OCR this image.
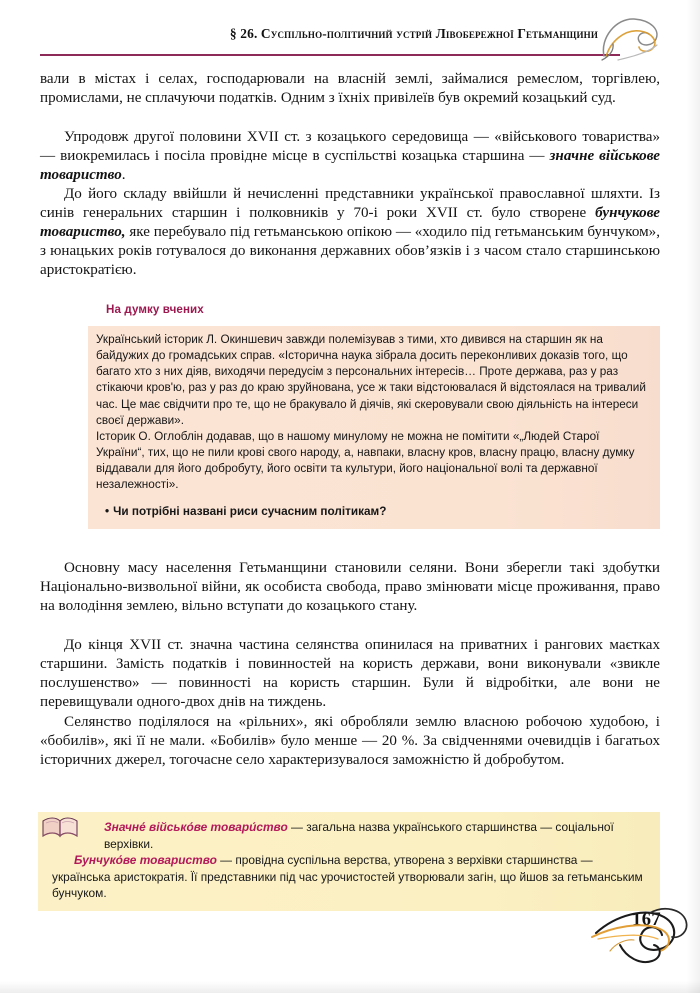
§ 26. Суспільно-політичний устрій Лівобережної Гетьманщини

вали в містах і селах, господарювали на власній землі, займалися ремеслом, торгівлею, промислами, не сплачуючи податків. Одним з їхніх привілеїв був окремий козацький суд.

Упродовж другої половини XVII ст. з козацького середовища — «військового товариства» — виокремилась і посіла провідне місце в суспільстві козацька старшина — значне військове товариство.

До його складу ввійшли й нечисленні представники української православної шляхти. Із синів генеральних старшин і полковників у 70-і роки XVII ст. було створене бунчукове товариство, яке перебувало під гетьманською опікою — «ходило під гетьманським бунчуком», з юнацьких років готувалося до виконання державних обов’язків і з часом стало старшинською аристократією.

На думку вчених

Український історик Л. Окиншевич завжди полемізував з тими, хто дивився на старшин як на байдужих до громадських справ. «Історична наука зібрала досить переконливих доказів того, що багато хто з них діяв, виходячи передусім з персональних інтересів… Проте держава, раз у раз стікаючи кров'ю, раз у раз до краю зруйнована, усе ж таки відстоювалася й відстоялася на тривалий час. Це має свідчити про те, що не бракувало й діячів, які скеровували свою діяльність на інтереси своєї держави».

Історик О. Оглоблін додавав, що в нашому минулому не можна не помітити «„Людей Старої України“, тих, що не пили крові свого народу, а, навпаки, власну кров, власну працю, власну думку віддавали для його добробуту, його освіти та культури, його національної волі та державної незалежності».

• Чи потрібні названі риси сучасним політикам?

Основну масу населення Гетьманщини становили селяни. Вони зберегли такі здобутки Національно-визвольної війни, як особиста свобода, право змінювати місце проживання, право на володіння землею, вільно вступати до козацького стану.

До кінця XVII ст. значна частина селянства опинилася на приватних і рангових маєтках старшини. Замість податків і повинностей на користь держави, вони виконували «звикле послушенство» — повинності на користь старшин. Були й відробітки, але вони не перевищували одного-двох днів на тиждень.

Селянство поділялося на «рільних», які обробляли землю власною робочою худобою, і «бобилів», які її не мали. «Бобилів» було менше — 20 %. За свідченнями очевидців і багатьох історичних джерел, тогочасне село характеризувалося заможністю й добробутом.

Значне́ військо́ве товари́ство — загальна назва українського старшинства — соціальної верхівки.

Бунчуко́ве товариство — провідна суспільна верства, утворена з верхівки старшинства — українська аристократія. Її представники під час урочистостей утворювали загін, що йшов за гетьманським бунчуком.

167
